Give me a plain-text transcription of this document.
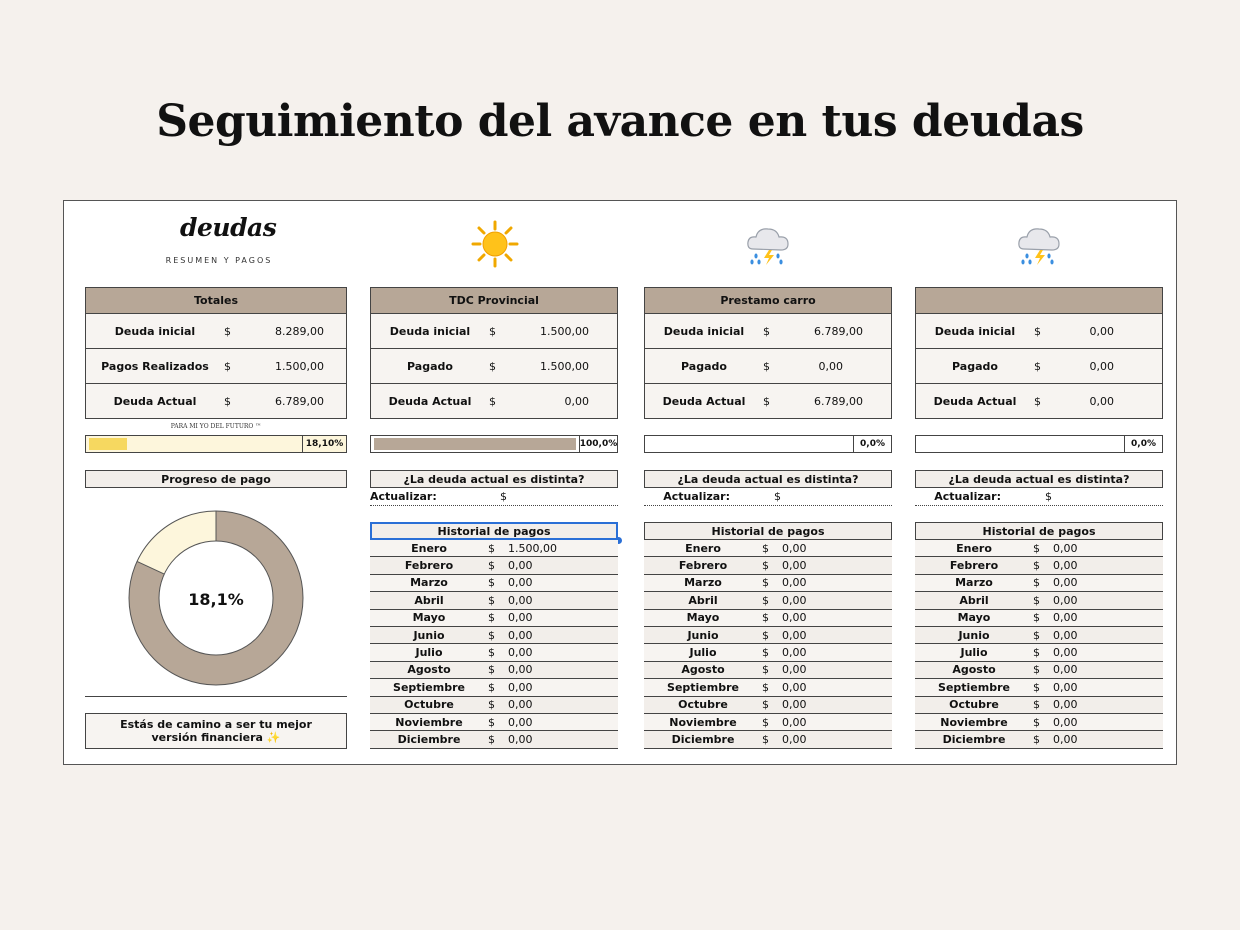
Seguimiento del avance en tus deudas
deudas
RESUMEN Y PAGOS
Totales
Deuda inicial	$	8.289,00
Pagos Realizados	$	1.500,00
Deuda Actual	$	6.789,00
PARA MI YO DEL FUTURO ™
18,10%
Progreso de pago
18,1%
Estás de camino a ser tu mejor versión financiera ✨
TDC Provincial
Deuda inicial	$	1.500,00
Pagado	$	1.500,00
Deuda Actual	$	0,00
100,0%
¿La deuda actual es distinta?
Actualizar:	$
Historial de pagos
Enero	$	1.500,00
Febrero	$	0,00
Marzo	$	0,00
Abril	$	0,00
Mayo	$	0,00
Junio	$	0,00
Julio	$	0,00
Agosto	$	0,00
Septiembre	$	0,00
Octubre	$	0,00
Noviembre	$	0,00
Diciembre	$	0,00
Prestamo carro
Deuda inicial	$	6.789,00
Pagado	$	0,00
Deuda Actual	$	6.789,00
0,0%
¿La deuda actual es distinta?
Actualizar:	$
Historial de pagos
Enero	$	0,00
Febrero	$	0,00
Marzo	$	0,00
Abril	$	0,00
Mayo	$	0,00
Junio	$	0,00
Julio	$	0,00
Agosto	$	0,00
Septiembre	$	0,00
Octubre	$	0,00
Noviembre	$	0,00
Diciembre	$	0,00
Deuda inicial	$	0,00
Pagado	$	0,00
Deuda Actual	$	0,00
0,0%
¿La deuda actual es distinta?
Actualizar:	$
Historial de pagos
Enero	$	0,00
Febrero	$	0,00
Marzo	$	0,00
Abril	$	0,00
Mayo	$	0,00
Junio	$	0,00
Julio	$	0,00
Agosto	$	0,00
Septiembre	$	0,00
Octubre	$	0,00
Noviembre	$	0,00
Diciembre	$	0,00
